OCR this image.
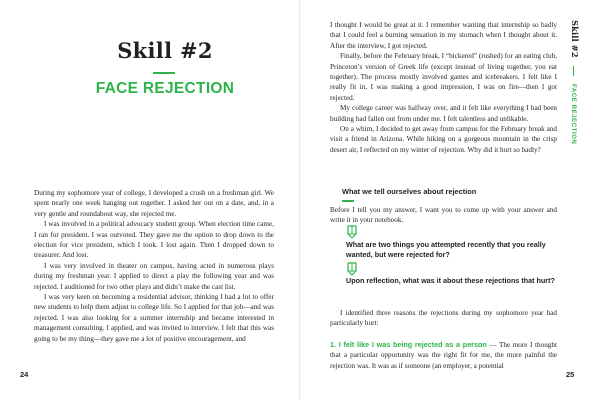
Skill #2
FACE REJECTION

During my sophomore year of college, I developed a crush on a freshman girl. We spent nearly one week hanging out together. I asked her out on a date, and, in a very gentle and roundabout way, she rejected me.

I was involved in a political advocacy student group. When election time came, I ran for president. I was outvoted. They gave me the option to drop down to the election for vice president, which I took. I lost again. Then I dropped down to treasurer. And lost.

I was very involved in theater on campus, having acted in numerous plays during my freshman year. I applied to direct a play the following year and was rejected. I auditioned for two other plays and didn’t make the cast list.

I was very keen on becoming a residential advisor, thinking I had a lot to offer new students to help them adjust to college life. So I applied for that job—and was rejected. I was also looking for a summer internship and became interested in management consulting. I applied, and was invited to interview. I felt that this was going to be my thing—they gave me a lot of positive encouragement, and

24
Skill #2
FACE REJECTION

I thought I would be great at it. I remember wanting that internship so badly that I could feel a burning sensation in my stomach when I thought about it. After the interview, I got rejected.

Finally, before the February break, I “bickered” (rushed) for an eating club, Princeton’s version of Greek life (except instead of living together, you eat together). The process mostly involved games and icebreakers. I felt like I really fit in, I was making a good impression, I was on fire—then I got rejected.

My college career was halfway over, and it felt like everything I had been building had fallen out from under me. I felt talentless and unlikable.

On a whim, I decided to get away from campus for the February break and visit a friend in Arizona. While hiking on a gorgeous mountain in the crisp desert air, I reflected on my winter of rejection. Why did it hurt so badly?

What we tell ourselves about rejection

Before I tell you my answer, I want you to come up with your answer and write it in your notebook.

What are two things you attempted recently that you really wanted, but were rejected for?
Upon reflection, what was it about these rejections that hurt?

I identified three reasons the rejections during my sophomore year had particularly hurt:

1. I felt like I was being rejected as a person — The more I thought that a particular opportunity was the right fit for me, the more painful the rejection was. It was as if someone (an employer, a potential

25
